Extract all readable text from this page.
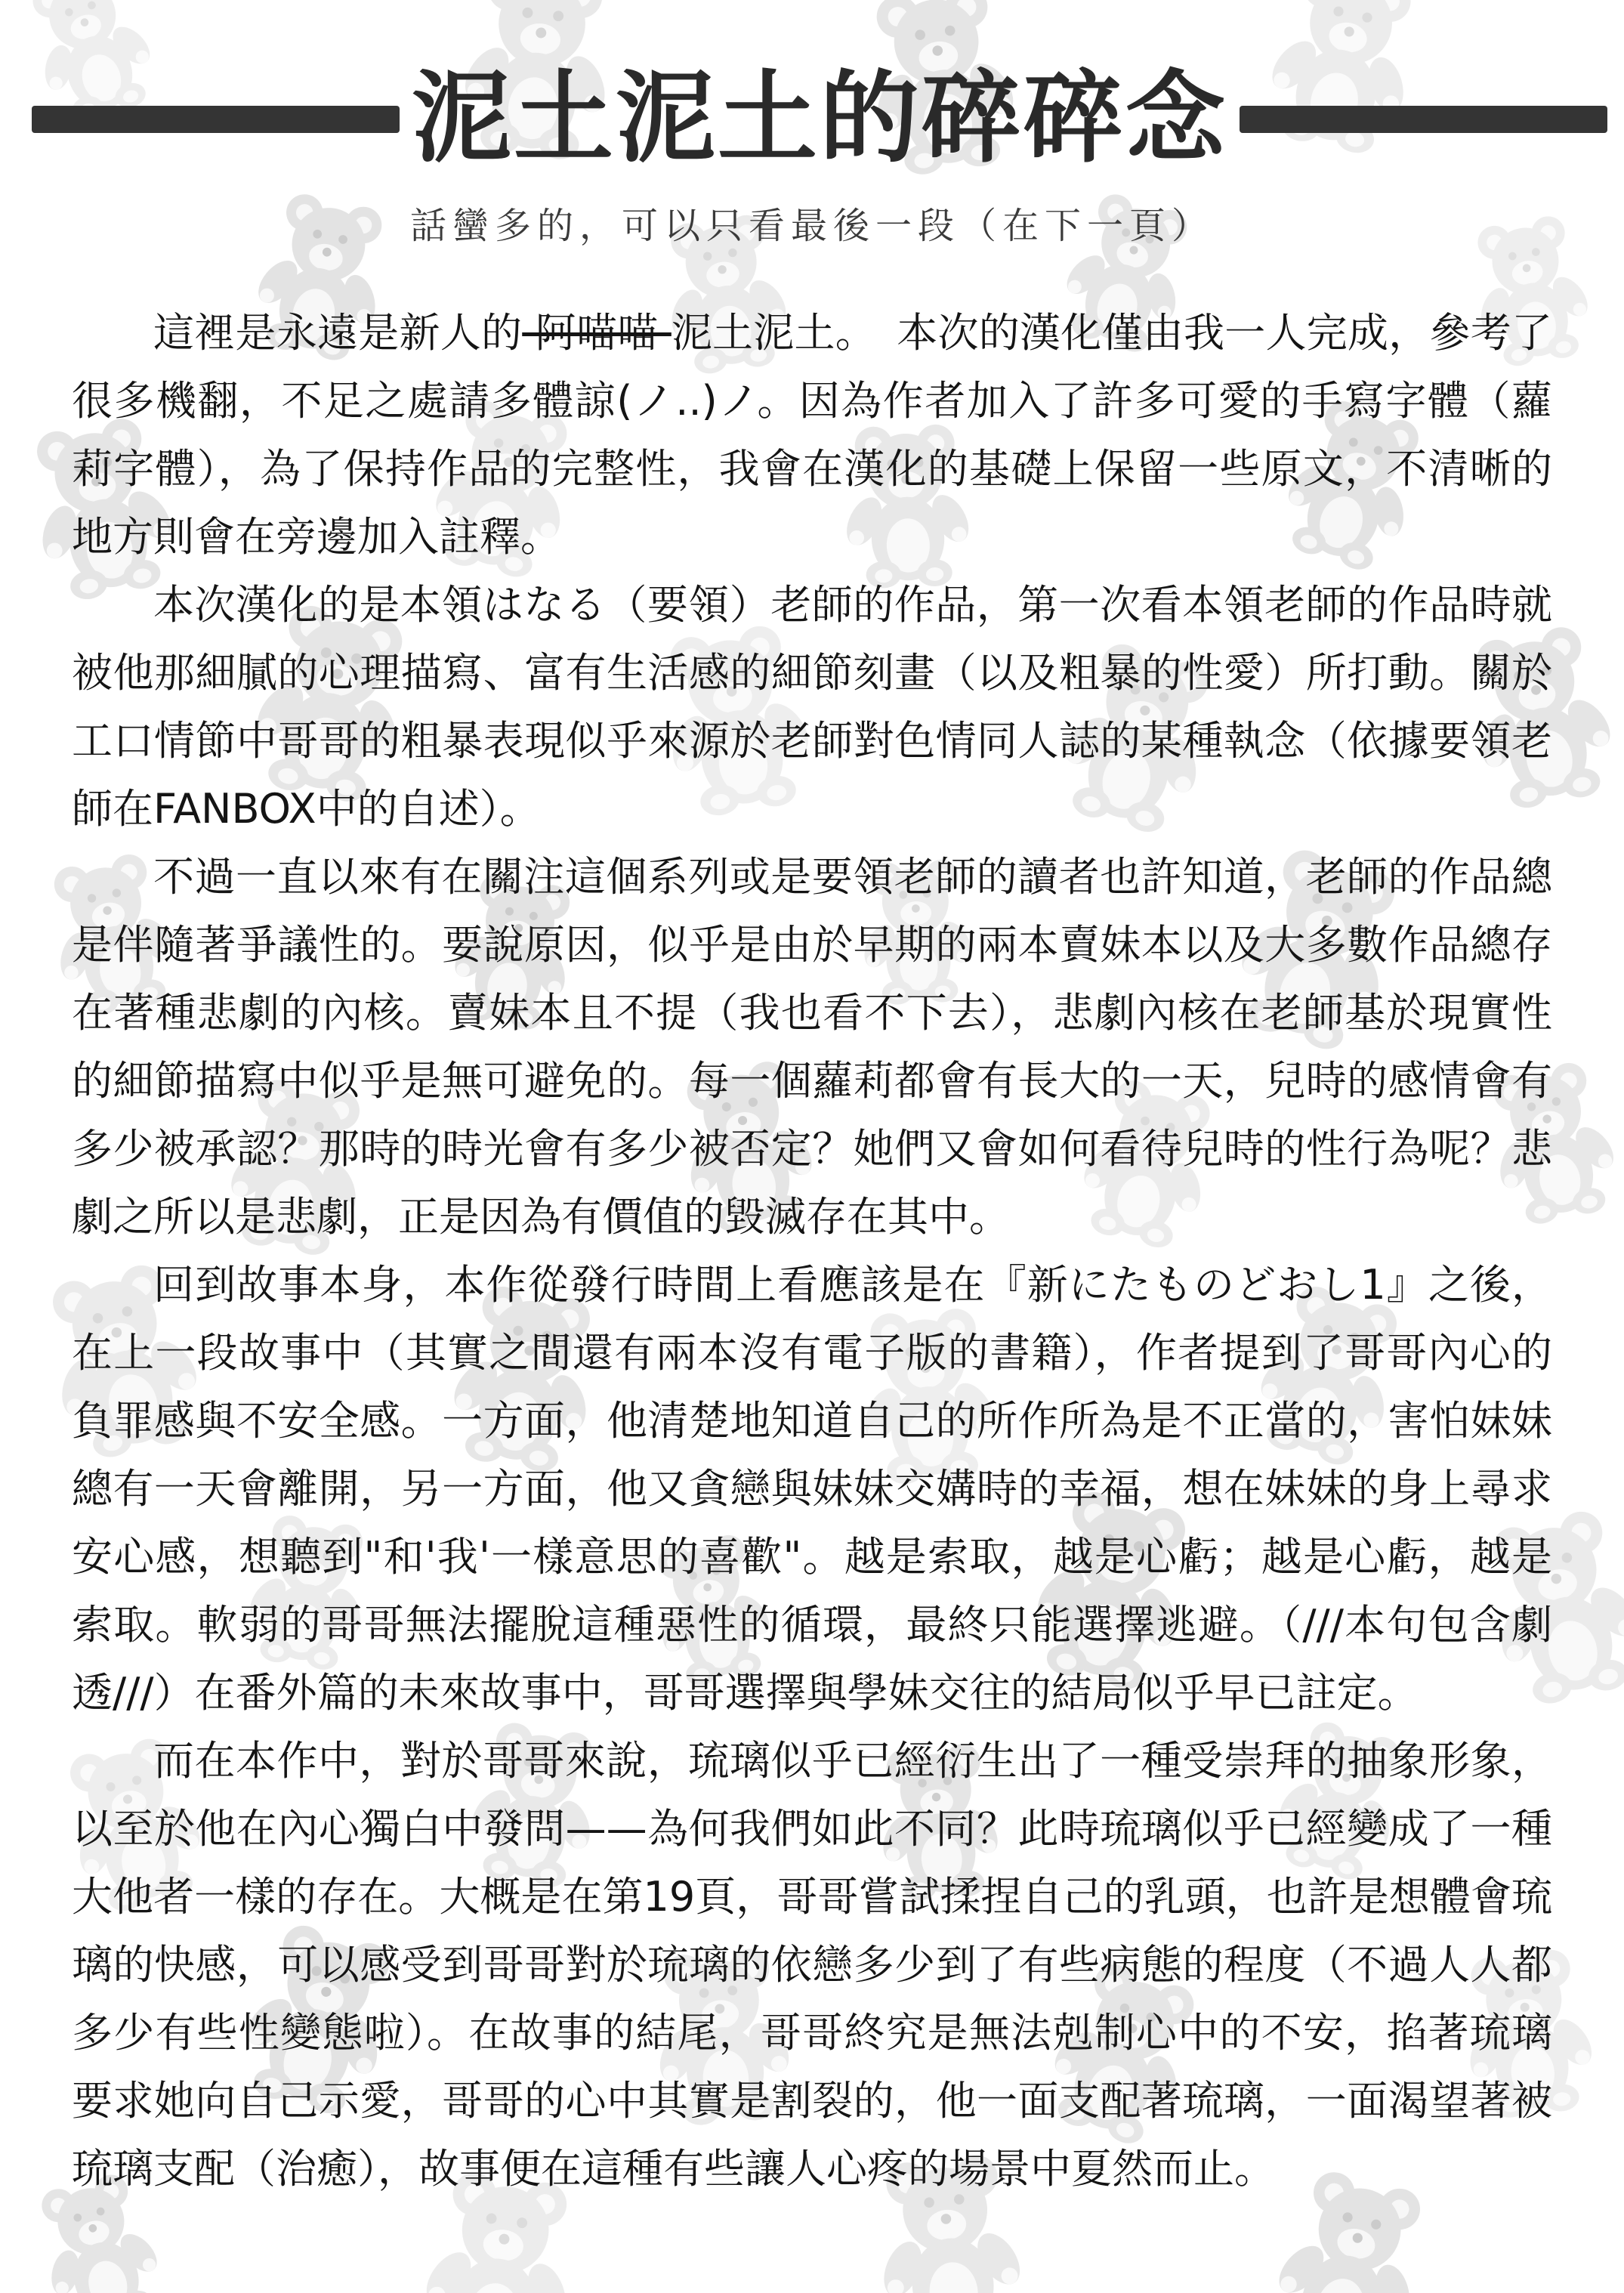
泥土泥土的碎碎念
話蠻多的，可以只看最後一段（在下一頁）

這裡是永遠是新人的 阿喵喵 泥土泥土。　本次的漢化僅由我一人完成，參考了很多機翻，不足之處請多體諒(ノ..)ノ。因為作者加入了許多可愛的手寫字體（蘿莉字體），為了保持作品的完整性，我會在漢化的基礎上保留一些原文，不清晰的地方則會在旁邊加入註釋。

本次漢化的是本領はなる（要領）老師的作品，第一次看本領老師的作品時就被他那細膩的心理描寫、富有生活感的細節刻畫（以及粗暴的性愛）所打動。關於工口情節中哥哥的粗暴表現似乎來源於老師對色情同人誌的某種執念（依據要領老師在FANBOX中的自述）。

不過一直以來有在關注這個系列或是要領老師的讀者也許知道，老師的作品總是伴隨著爭議性的。要說原因，似乎是由於早期的兩本賣妹本以及大多數作品總存在著種悲劇的內核。賣妹本且不提（我也看不下去），悲劇內核在老師基於現實性的細節描寫中似乎是無可避免的。每一個蘿莉都會有長大的一天，兒時的感情會有多少被承認？那時的時光會有多少被否定？她們又會如何看待兒時的性行為呢？悲劇之所以是悲劇，正是因為有價值的毀滅存在其中。

回到故事本身，本作從發行時間上看應該是在『新にたものどおし1』之後，在上一段故事中（其實之間還有兩本沒有電子版的書籍），作者提到了哥哥內心的負罪感與不安全感。一方面，他清楚地知道自己的所作所為是不正當的，害怕妹妹總有一天會離開，另一方面，他又貪戀與妹妹交媾時的幸福，想在妹妹的身上尋求安心感，想聽到"和'我'一樣意思的喜歡"。越是索取，越是心虧；越是心虧，越是索取。軟弱的哥哥無法擺脫這種惡性的循環，最終只能選擇逃避。（///本句包含劇透///）在番外篇的未來故事中，哥哥選擇與學妹交往的結局似乎早已註定。

而在本作中，對於哥哥來說，琉璃似乎已經衍生出了一種受崇拜的抽象形象，以至於他在內心獨白中發問——為何我們如此不同？此時琉璃似乎已經變成了一種大他者一樣的存在。大概是在第19頁，哥哥嘗試揉捏自己的乳頭，也許是想體會琉璃的快感，可以感受到哥哥對於琉璃的依戀多少到了有些病態的程度（不過人人都多少有些性變態啦）。在故事的結尾，哥哥終究是無法剋制心中的不安，掐著琉璃要求她向自己示愛，哥哥的心中其實是割裂的，他一面支配著琉璃，一面渴望著被琉璃支配（治癒），故事便在這種有些讓人心疼的場景中夏然而止。
